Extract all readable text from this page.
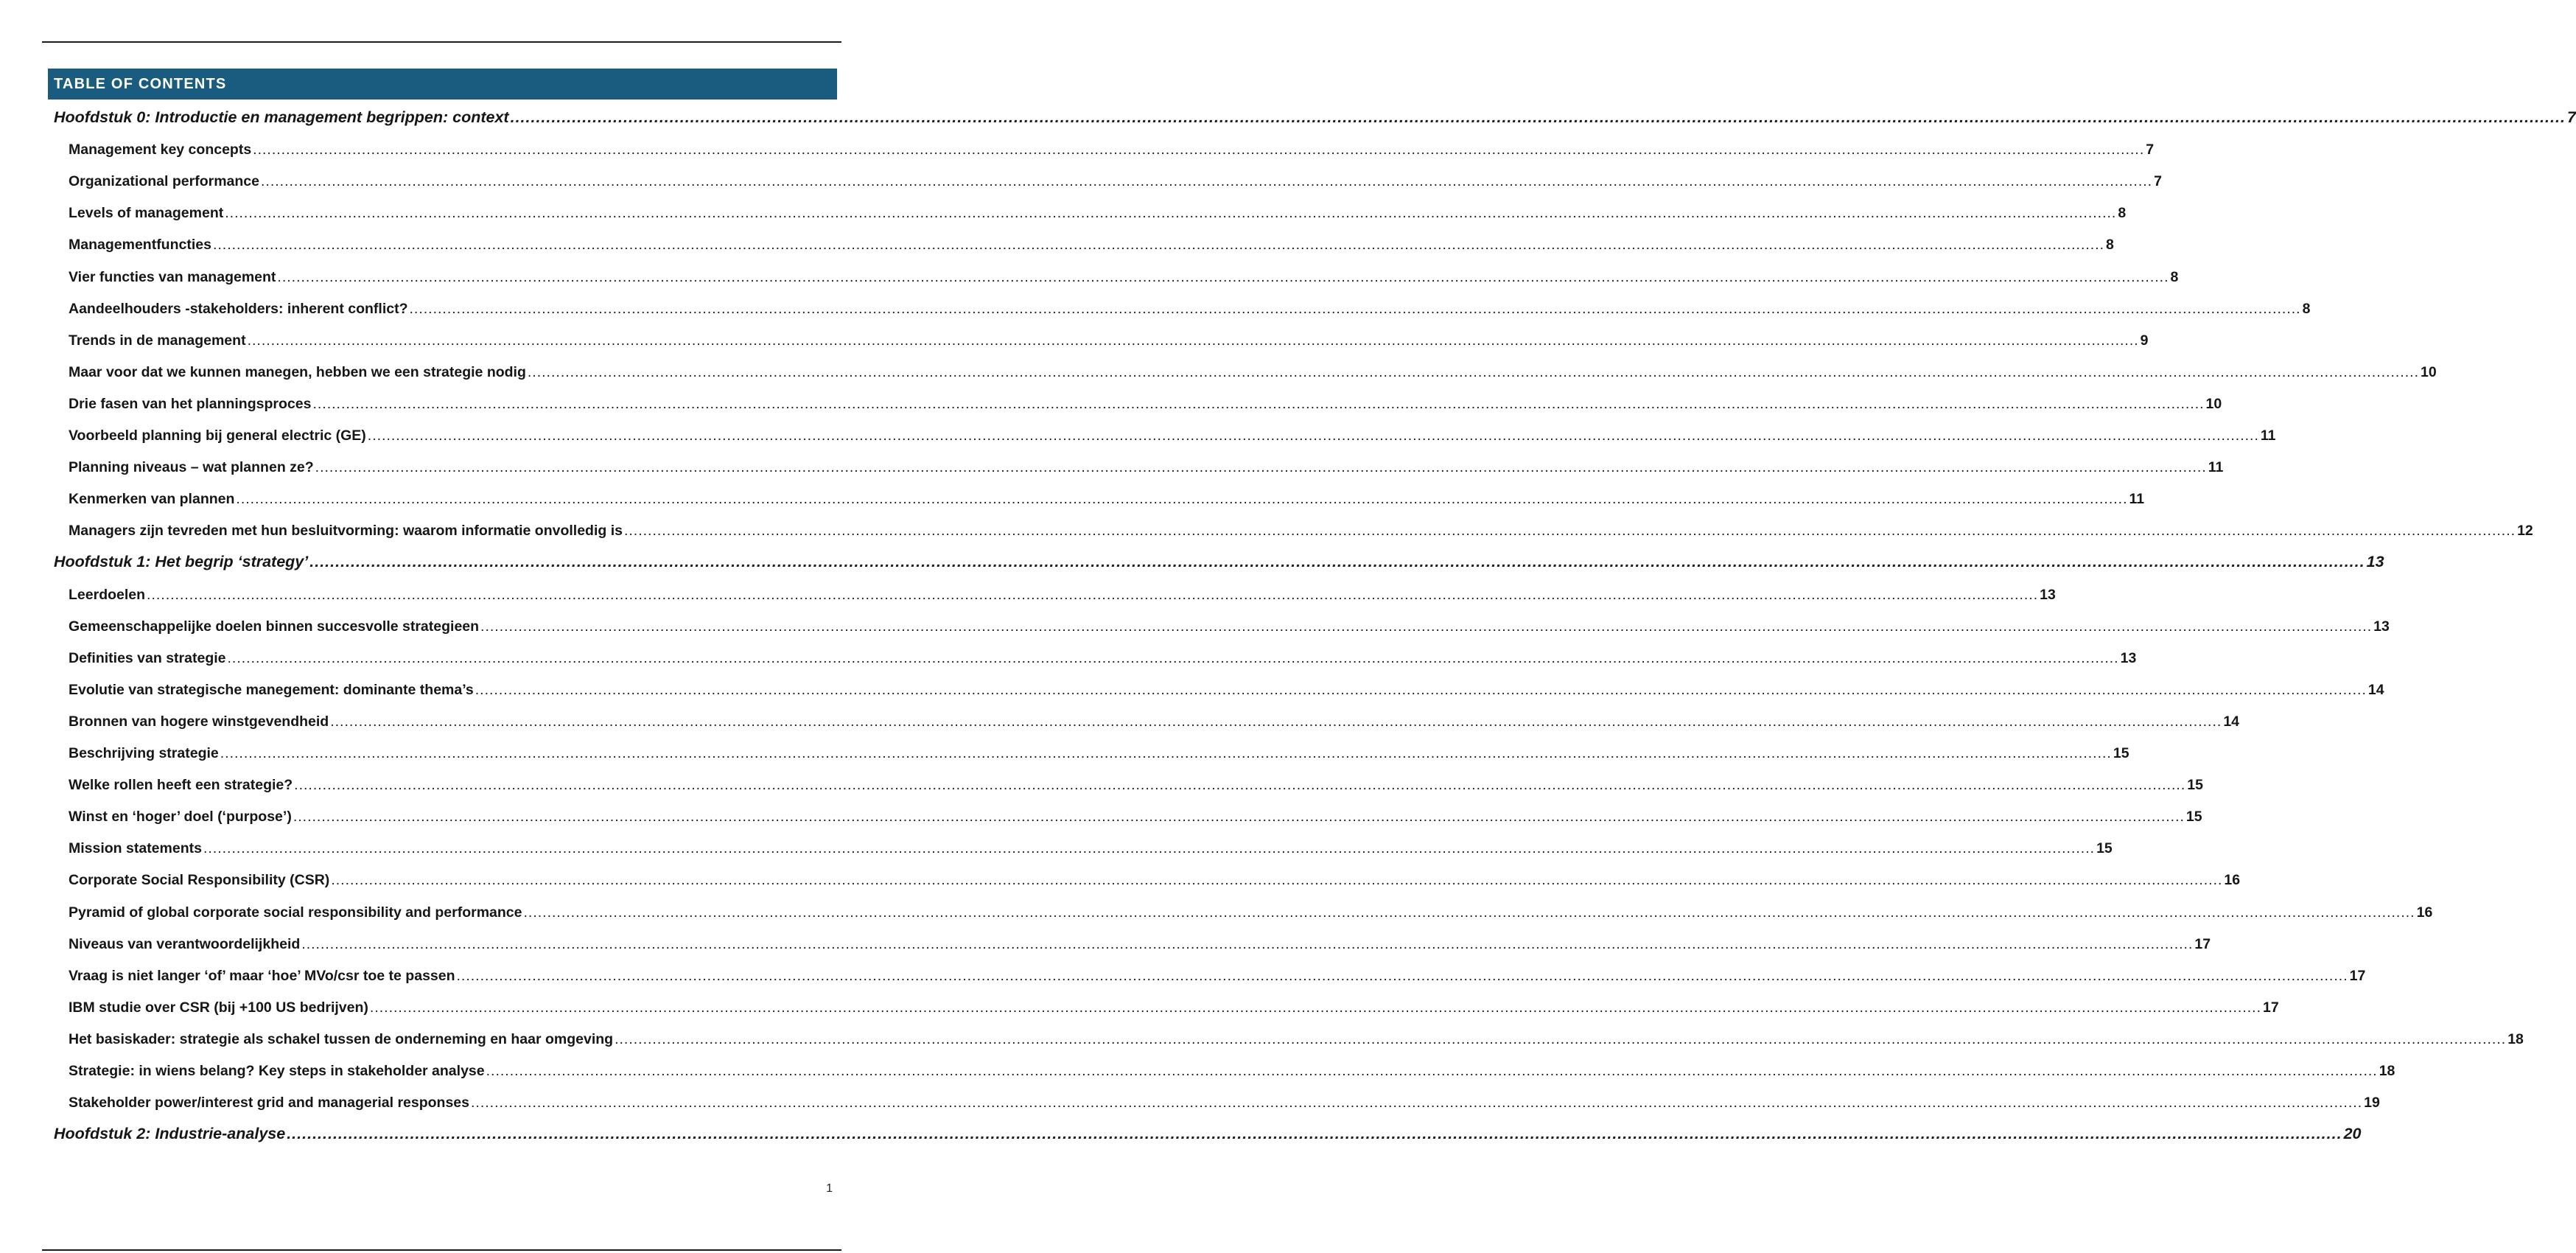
TABLE OF CONTENTS
Hoofdstuk 0: Introductie en management begrippen: context ................................................................................................................................................................................................................................................................................................................................................................................................................ 7
Management key concepts ................................................................................................................................................................................................................................................................................................................................................................................................................ 7
Organizational performance ................................................................................................................................................................................................................................................................................................................................................................................................................ 7
Levels of management ................................................................................................................................................................................................................................................................................................................................................................................................................ 8
Managementfuncties ................................................................................................................................................................................................................................................................................................................................................................................................................ 8
Vier functies van management ................................................................................................................................................................................................................................................................................................................................................................................................................ 8
Aandeelhouders -stakeholders: inherent conflict? ................................................................................................................................................................................................................................................................................................................................................................................................................ 8
Trends in de management ................................................................................................................................................................................................................................................................................................................................................................................................................ 9
Maar voor dat we kunnen manegen, hebben we een strategie nodig ................................................................................................................................................................................................................................................................................................................................................................................................................ 10
Drie fasen van het planningsproces ................................................................................................................................................................................................................................................................................................................................................................................................................ 10
Voorbeeld planning bij general electric (GE) ................................................................................................................................................................................................................................................................................................................................................................................................................ 11
Planning niveaus – wat plannen ze? ................................................................................................................................................................................................................................................................................................................................................................................................................ 11
Kenmerken van plannen ................................................................................................................................................................................................................................................................................................................................................................................................................ 11
Managers zijn tevreden met hun besluitvorming: waarom informatie onvolledig is ................................................................................................................................................................................................................................................................................................................................................................................................................ 12
Hoofdstuk 1: Het begrip ‘strategy’ ................................................................................................................................................................................................................................................................................................................................................................................................................ 13
Leerdoelen ................................................................................................................................................................................................................................................................................................................................................................................................................ 13
Gemeenschappelijke doelen binnen succesvolle strategieen ................................................................................................................................................................................................................................................................................................................................................................................................................ 13
Definities van strategie ................................................................................................................................................................................................................................................................................................................................................................................................................ 13
Evolutie van strategische manegement: dominante thema’s ................................................................................................................................................................................................................................................................................................................................................................................................................ 14
Bronnen van hogere winstgevendheid ................................................................................................................................................................................................................................................................................................................................................................................................................ 14
Beschrijving strategie ................................................................................................................................................................................................................................................................................................................................................................................................................ 15
Welke rollen heeft een strategie? ................................................................................................................................................................................................................................................................................................................................................................................................................ 15
Winst en ‘hoger’ doel (‘purpose’) ................................................................................................................................................................................................................................................................................................................................................................................................................ 15
Mission statements ................................................................................................................................................................................................................................................................................................................................................................................................................ 15
Corporate Social Responsibility (CSR) ................................................................................................................................................................................................................................................................................................................................................................................................................ 16
Pyramid of global corporate social responsibility and performance ................................................................................................................................................................................................................................................................................................................................................................................................................ 16
Niveaus van verantwoordelijkheid ................................................................................................................................................................................................................................................................................................................................................................................................................ 17
Vraag is niet langer ‘of’ maar ‘hoe’ MVo/csr toe te passen ................................................................................................................................................................................................................................................................................................................................................................................................................ 17
IBM studie over CSR (bij +100 US bedrijven) ................................................................................................................................................................................................................................................................................................................................................................................................................ 17
Het basiskader: strategie als schakel tussen de onderneming en haar omgeving ................................................................................................................................................................................................................................................................................................................................................................................................................ 18
Strategie: in wiens belang? Key steps in stakeholder analyse ................................................................................................................................................................................................................................................................................................................................................................................................................ 18
Stakeholder power/interest grid and managerial responses ................................................................................................................................................................................................................................................................................................................................................................................................................ 19
Hoofdstuk 2: Industrie-analyse ................................................................................................................................................................................................................................................................................................................................................................................................................ 20
1
